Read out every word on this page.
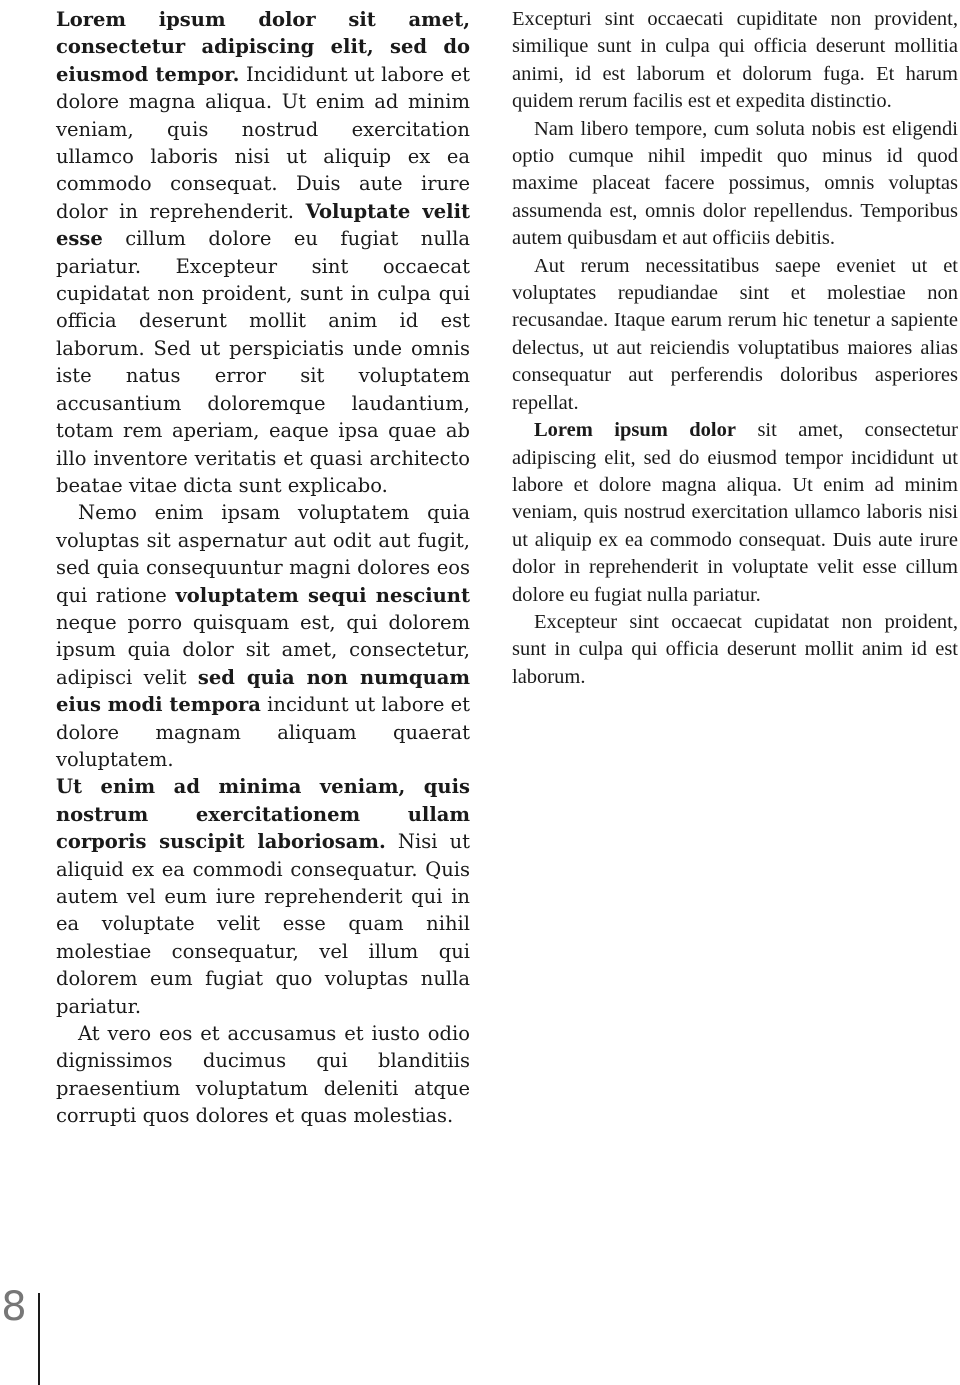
Lorem ipsum dolor sit amet, consectetur adipiscing elit, sed do eiusmod tempor. Incididunt ut labore et dolore magna aliqua. Ut enim ad minim veniam, quis nostrud exercitation ullamco laboris nisi ut aliquip ex ea commodo consequat. Duis aute irure dolor in reprehenderit. Voluptate velit esse cillum dolore eu fugiat nulla pariatur. Excepteur sint occaecat cupidatat non proident, sunt in culpa qui officia deserunt mollit anim id est laborum. Sed ut perspiciatis unde omnis iste natus error sit voluptatem accusantium doloremque laudantium, totam rem aperiam, eaque ipsa quae ab illo inventore veritatis et quasi architecto beatae vitae dicta sunt explicabo.

Nemo enim ipsam voluptatem quia voluptas sit aspernatur aut odit aut fugit, sed quia consequuntur magni dolores eos qui ratione voluptatem sequi nesciunt neque porro quisquam est, qui dolorem ipsum quia dolor sit amet, consectetur, adipisci velit sed quia non numquam eius modi tempora incidunt ut labore et dolore magnam aliquam quaerat voluptatem.

Ut enim ad minima veniam, quis nostrum exercitationem ullam corporis suscipit laboriosam. Nisi ut aliquid ex ea commodi consequatur. Quis autem vel eum iure reprehenderit qui in ea voluptate velit esse quam nihil molestiae consequatur, vel illum qui dolorem eum fugiat quo voluptas nulla pariatur.

At vero eos et accusamus et iusto odio dignissimos ducimus qui blanditiis praesentium voluptatum deleniti atque corrupti quos dolores et quas molestias.

Excepturi sint occaecati cupiditate non provident, similique sunt in culpa qui officia deserunt mollitia animi, id est laborum et dolorum fuga. Et harum quidem rerum facilis est et expedita distinctio.

Nam libero tempore, cum soluta nobis est eligendi optio cumque nihil impedit quo minus id quod maxime placeat facere possimus, omnis voluptas assumenda est, omnis dolor repellendus. Temporibus autem quibusdam et aut officiis debitis.

Aut rerum necessitatibus saepe eveniet ut et voluptates repudiandae sint et molestiae non recusandae. Itaque earum rerum hic tenetur a sapiente delectus, ut aut reiciendis voluptatibus maiores alias consequatur aut perferendis doloribus asperiores repellat.

Lorem ipsum dolor sit amet, consectetur adipiscing elit, sed do eiusmod tempor incididunt ut labore et dolore magna aliqua. Ut enim ad minim veniam, quis nostrud exercitation ullamco laboris nisi ut aliquip ex ea commodo consequat. Duis aute irure dolor in reprehenderit in voluptate velit esse cillum dolore eu fugiat nulla pariatur.

Excepteur sint occaecat cupidatat non proident, sunt in culpa qui officia deserunt mollit anim id est laborum.

8
